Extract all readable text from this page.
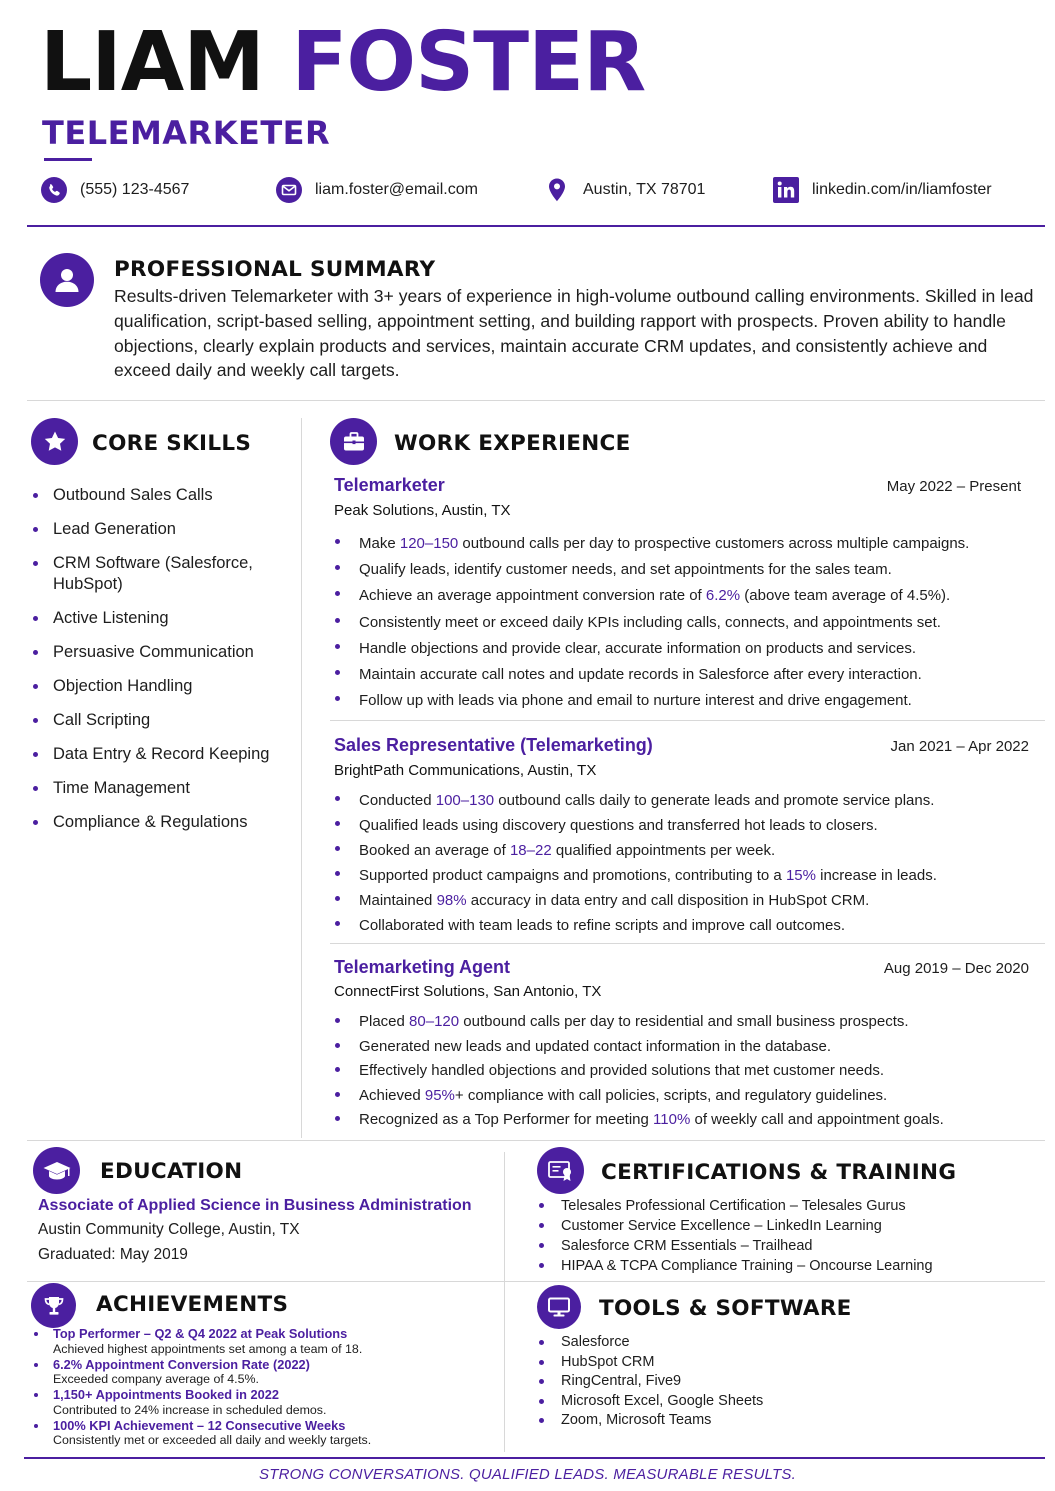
LIAM FOSTER
TELEMARKETER
(555) 123-4567	liam.foster@email.com	Austin, TX 78701	linkedin.com/in/liamfoster
PROFESSIONAL SUMMARY
Results-driven Telemarketer with 3+ years of experience in high-volume outbound calling environments. Skilled in lead qualification, script-based selling, appointment setting, and building rapport with prospects. Proven ability to handle objections, clearly explain products and services, maintain accurate CRM updates, and consistently achieve and exceed daily and weekly call targets.
CORE SKILLS
Outbound Sales Calls
Lead Generation
CRM Software (Salesforce, HubSpot)
Active Listening
Persuasive Communication
Objection Handling
Call Scripting
Data Entry & Record Keeping
Time Management
Compliance & Regulations
WORK EXPERIENCE
Telemarketer	May 2022 – Present
Peak Solutions, Austin, TX
Make 120–150 outbound calls per day to prospective customers across multiple campaigns.
Qualify leads, identify customer needs, and set appointments for the sales team.
Achieve an average appointment conversion rate of 6.2% (above team average of 4.5%).
Consistently meet or exceed daily KPIs including calls, connects, and appointments set.
Handle objections and provide clear, accurate information on products and services.
Maintain accurate call notes and update records in Salesforce after every interaction.
Follow up with leads via phone and email to nurture interest and drive engagement.
Sales Representative (Telemarketing)	Jan 2021 – Apr 2022
BrightPath Communications, Austin, TX
Conducted 100–130 outbound calls daily to generate leads and promote service plans.
Qualified leads using discovery questions and transferred hot leads to closers.
Booked an average of 18–22 qualified appointments per week.
Supported product campaigns and promotions, contributing to a 15% increase in leads.
Maintained 98% accuracy in data entry and call disposition in HubSpot CRM.
Collaborated with team leads to refine scripts and improve call outcomes.
Telemarketing Agent	Aug 2019 – Dec 2020
ConnectFirst Solutions, San Antonio, TX
Placed 80–120 outbound calls per day to residential and small business prospects.
Generated new leads and updated contact information in the database.
Effectively handled objections and provided solutions that met customer needs.
Achieved 95%+ compliance with call policies, scripts, and regulatory guidelines.
Recognized as a Top Performer for meeting 110% of weekly call and appointment goals.
EDUCATION
Associate of Applied Science in Business Administration
Austin Community College, Austin, TX
Graduated: May 2019
CERTIFICATIONS & TRAINING
Telesales Professional Certification – Telesales Gurus
Customer Service Excellence – LinkedIn Learning
Salesforce CRM Essentials – Trailhead
HIPAA & TCPA Compliance Training – Oncourse Learning
ACHIEVEMENTS
Top Performer – Q2 & Q4 2022 at Peak Solutions
Achieved highest appointments set among a team of 18.
6.2% Appointment Conversion Rate (2022)
Exceeded company average of 4.5%.
1,150+ Appointments Booked in 2022
Contributed to 24% increase in scheduled demos.
100% KPI Achievement – 12 Consecutive Weeks
Consistently met or exceeded all daily and weekly targets.
TOOLS & SOFTWARE
Salesforce
HubSpot CRM
RingCentral, Five9
Microsoft Excel, Google Sheets
Zoom, Microsoft Teams
STRONG CONVERSATIONS. QUALIFIED LEADS. MEASURABLE RESULTS.
